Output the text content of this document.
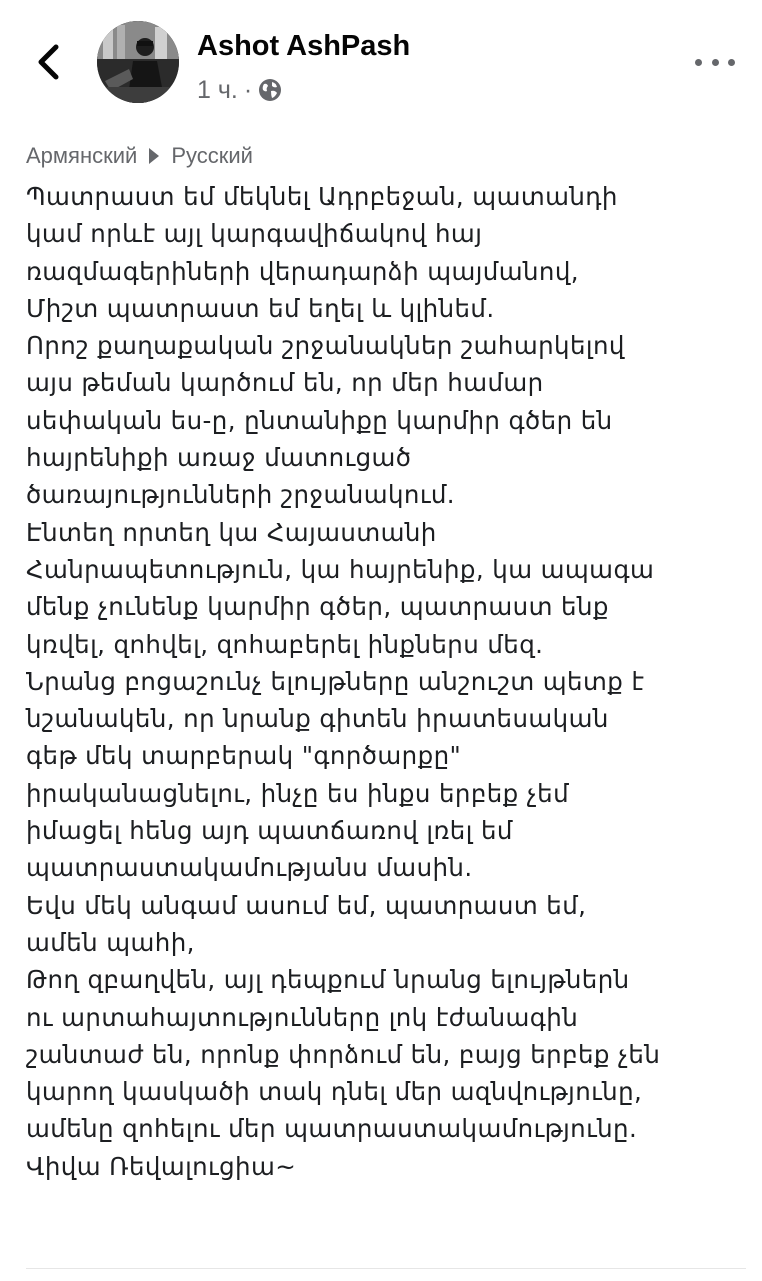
Ashot AshPash
1 ч. ·
Армянский Русский
Պատրաստ եմ մեկնել Ադրբեջան, պատանդի
կամ որևէ այլ կարգավիճակով հայ
ռազմագերիների վերադարձի պայմանով,
Միշտ պատրաստ եմ եղել և կլինեմ.
Որոշ քաղաքական շրջանակներ շահարկելով
այս թեման կարծում են, որ մեր համար
սեփական ես-ը, ընտանիքը կարմիր գծեր են
հայրենիքի առաջ մատուցած
ծառայությունների շրջանակում.
Էնտեղ որտեղ կա Հայաստանի
Հանրապետություն, կա հայրենիք, կա ապագա
մենք չունենք կարմիր գծեր, պատրաստ ենք
կռվել, զոհվել, զոհաբերել ինքներս մեզ.
Նրանց բոցաշունչ ելույթները անշուշտ պետք է
նշանակեն, որ նրանք գիտեն իրատեսական
գեթ մեկ տարբերակ "գործարքը"
իրականացնելու, ինչը ես ինքս երբեք չեմ
իմացել հենց այդ պատճառով լռել եմ
պատրաստակամությանս մասին.
Եվս մեկ անգամ ասում եմ, պատրաստ եմ,
ամեն պահի,
Թող զբաղվեն, այլ դեպքում նրանց ելույթներն
ու արտահայտությունները լոկ էժանագին
շանտաժ են, որոնք փորձում են, բայց երբեք չեն
կարող կասկածի տակ դնել մեր ազնվությունը,
ամենը զոհելու մեր պատրաստակամությունը.
Վիվա Ռեվալուցիա~
